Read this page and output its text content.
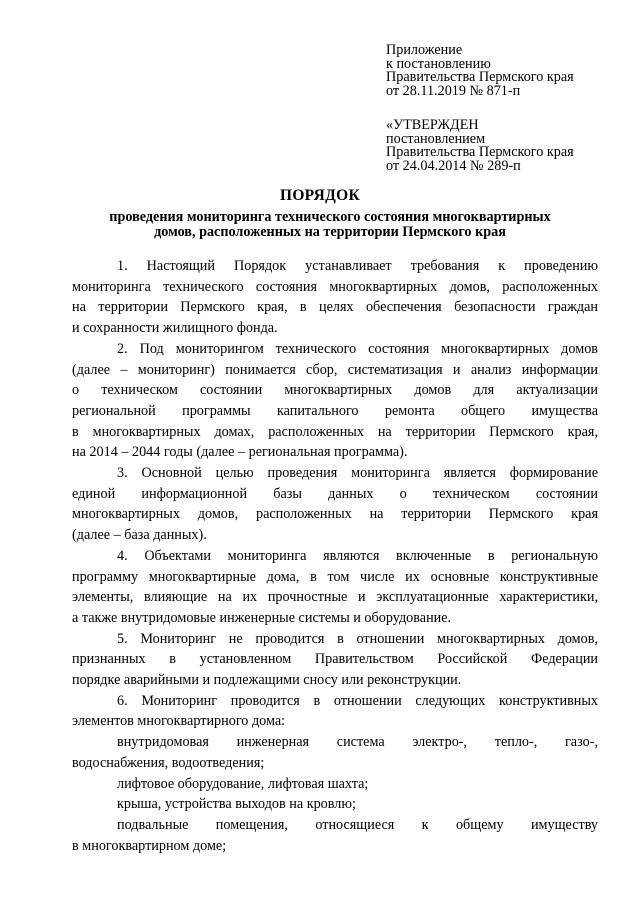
Приложение
к постановлению
Правительства Пермского края
от 28.11.2019 № 871-п
«УТВЕРЖДЕН
постановлением
Правительства Пермского края
от 24.04.2014 № 289-п
ПОРЯДОК
проведения мониторинга технического состояния многоквартирных
домов, расположенных на территории Пермского края
1. Настоящий Порядок устанавливает требования к проведению
мониторинга технического состояния многоквартирных домов, расположенных
на территории Пермского края, в целях обеспечения безопасности граждан
и сохранности жилищного фонда.
2. Под мониторингом технического состояния многоквартирных домов
(далее – мониторинг) понимается сбор, систематизация и анализ информации
о техническом состоянии многоквартирных домов для актуализации
региональной программы капитального ремонта общего имущества
в многоквартирных домах, расположенных на территории Пермского края,
на 2014 – 2044 годы (далее – региональная программа).
3. Основной целью проведения мониторинга является формирование
единой информационной базы данных о техническом состоянии
многоквартирных домов, расположенных на территории Пермского края
(далее – база данных).
4. Объектами мониторинга являются включенные в региональную
программу многоквартирные дома, в том числе их основные конструктивные
элементы, влияющие на их прочностные и эксплуатационные характеристики,
а также внутридомовые инженерные системы и оборудование.
5. Мониторинг не проводится в отношении многоквартирных домов,
признанных в установленном Правительством Российской Федерации
порядке аварийными и подлежащими сносу или реконструкции.
6. Мониторинг проводится в отношении следующих конструктивных
элементов многоквартирного дома:
внутридомовая инженерная система электро-, тепло-, газо-,
водоснабжения, водоотведения;
лифтовое оборудование, лифтовая шахта;
крыша, устройства выходов на кровлю;
подвальные помещения, относящиеся к общему имуществу
в многоквартирном доме;
